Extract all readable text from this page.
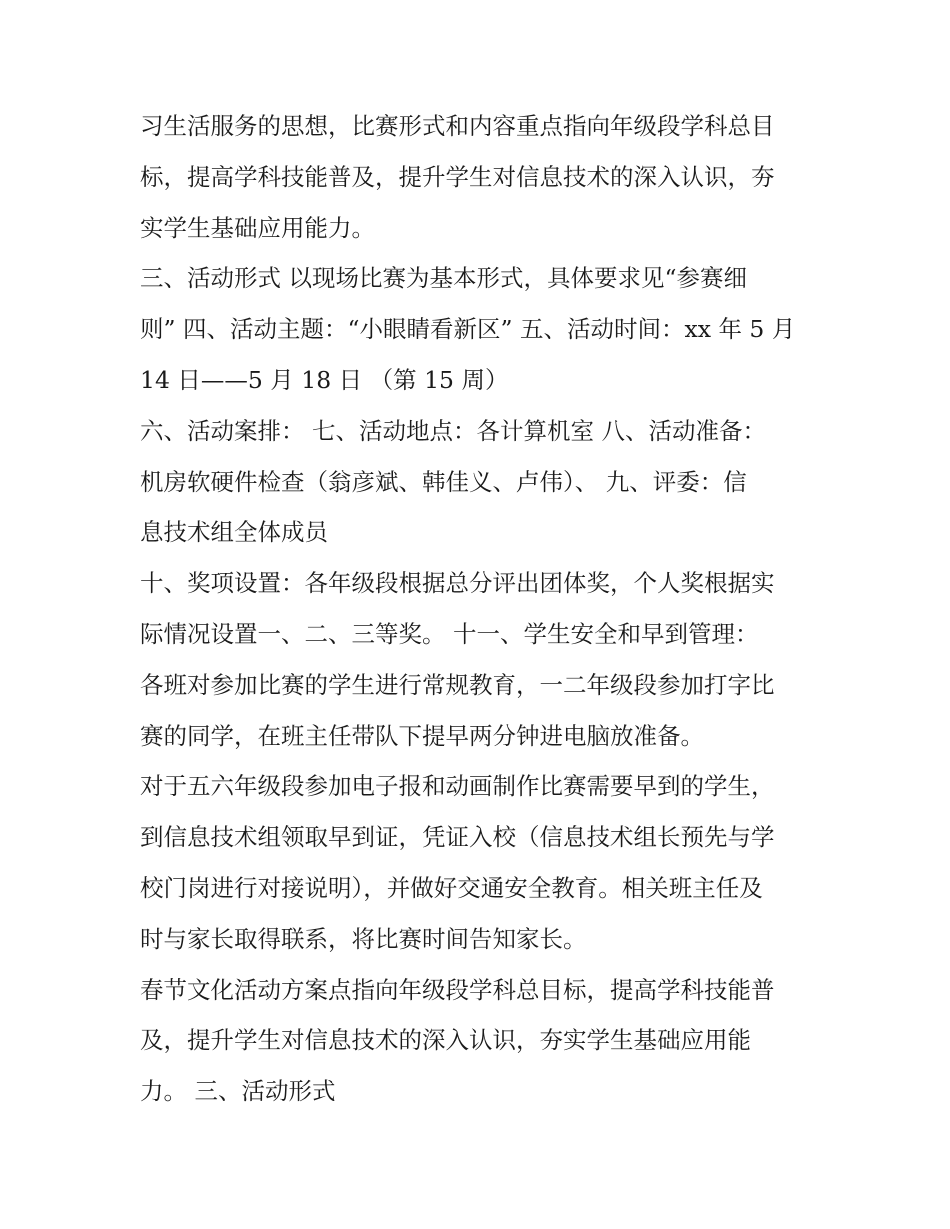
习生活服务的思想，比赛形式和内容重点指向年级段学科总目
标，提高学科技能普及，提升学生对信息技术的深入认识，夯
实学生基础应用能力。
三、活动形式 以现场比赛为基本形式，具体要求见“参赛细
则” 四、活动主题：“小眼睛看新区” 五、活动时间：xx 年 5 月
14 日——5 月 18 日 （第 15 周）
六、活动案排： 七、活动地点：各计算机室 八、活动准备：
机房软硬件检查（翁彦斌、韩佳义、卢伟）、 九、评委：信
息技术组全体成员
十、奖项设置：各年级段根据总分评出团体奖，个人奖根据实
际情况设置一、二、三等奖。 十一、学生安全和早到管理：
各班对参加比赛的学生进行常规教育，一二年级段参加打字比
赛的同学，在班主任带队下提早两分钟进电脑放准备。
对于五六年级段参加电子报和动画制作比赛需要早到的学生，
到信息技术组领取早到证，凭证入校（信息技术组长预先与学
校门岗进行对接说明），并做好交通安全教育。相关班主任及
时与家长取得联系，将比赛时间告知家长。
春节文化活动方案点指向年级段学科总目标，提高学科技能普
及，提升学生对信息技术的深入认识，夯实学生基础应用能
力。 三、活动形式
